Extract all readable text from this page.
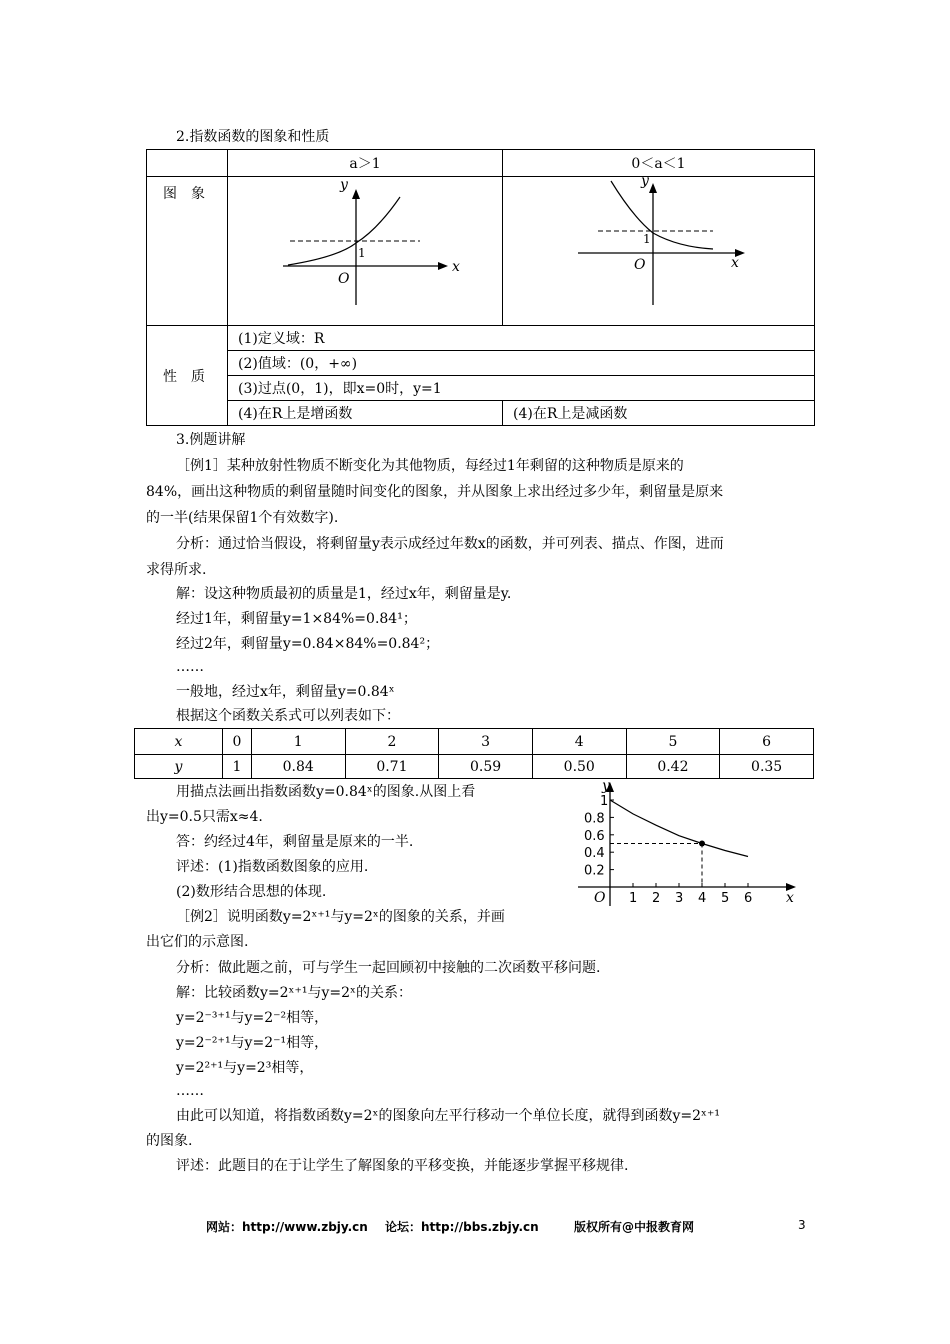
2.指数函数的图象和性质
	a＞1	0＜a＜1
图　象	y
x
O
1	y
x
O
1

性　质	(1)定义域：R	
	(2)值域：(0，+∞)	
	(3)过点(0，1)，即x=0时，y=1	
	(4)在R上是增函数	(4)在R上是减函数
3.例题讲解
［例1］某种放射性物质不断变化为其他物质，每经过1年剩留的这种物质是原来的
84%，画出这种物质的剩留量随时间变化的图象，并从图象上求出经过多少年，剩留量是原来
的一半(结果保留1个有效数字).
分析：通过恰当假设，将剩留量y表示成经过年数x的函数，并可列表、描点、作图，进而
求得所求.
解：设这种物质最初的质量是1，经过x年，剩留量是y.
经过1年，剩留量y=1×84%=0.84¹；
经过2年，剩留量y=0.84×84%=0.84²；
……
一般地，经过x年，剩留量y=0.84ˣ
根据这个函数关系式可以列表如下：
x	0	1	2	3	4	5	6
y	1	0.84	0.71	0.59	0.50	0.42	0.35
用描点法画出指数函数y=0.84ˣ的图象.从图上看
出y=0.5只需x≈4.
答：约经过4年，剩留量是原来的一半.
评述：(1)指数函数图象的应用.
(2)数形结合思想的体现.
［例2］说明函数y=2ˣ⁺¹与y=2ˣ的图象的关系，并画
出它们的示意图.
y
x
O 1 2 3 4 5 6
0.2
0.4
0.6
0.8
1
分析：做此题之前，可与学生一起回顾初中接触的二次函数平移问题.
解：比较函数y=2ˣ⁺¹与y=2ˣ的关系：
y=2⁻³⁺¹与y=2⁻²相等，
y=2⁻²⁺¹与y=2⁻¹相等，
y=2²⁺¹与y=2³相等，
……
由此可以知道，将指数函数y=2ˣ的图象向左平行移动一个单位长度，就得到函数y=2ˣ⁺¹
的图象.
评述：此题目的在于让学生了解图象的平移变换，并能逐步掌握平移规律.
网站：http://www.zbjy.cn 论坛：http://bbs.zbjy.cn	版权所有@中报教育网	3
